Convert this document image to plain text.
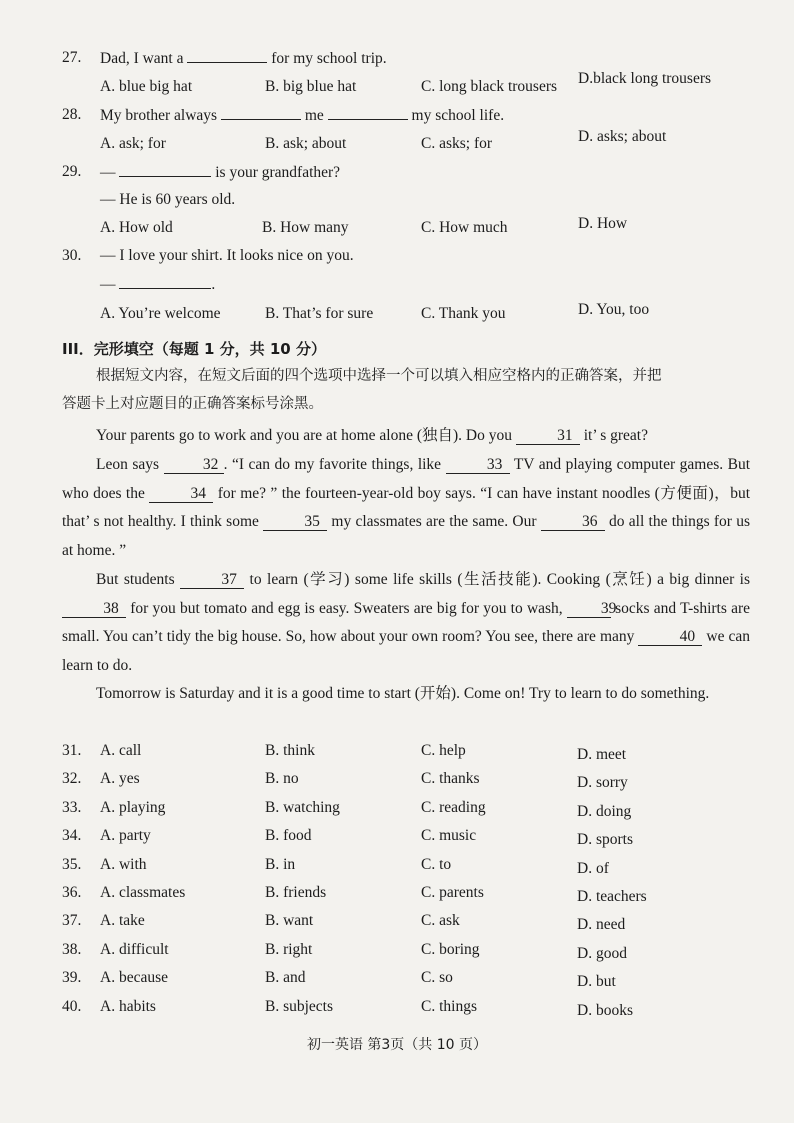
27. Dad, I want a	for my school trip.
A. blue big hat	B. big blue hat	C. long black trousers D.black long trousers
28. My brother always	me	my school life.
A. ask; for	B. ask; about	C. asks; for	D. asks; about
29. —	is your grandfather?
— He is 60 years old.
A. How old	B. How many	C. How much	D. How
30. — I love your shirt. It looks nice on you.
—	.
A. You’re welcome	B. That’s for sure	C. Thank you	D. You, too
III．完形填空（每题 1 分，共 10 分）
根据短文内容，在短文后面的四个选项中选择一个可以填入相应空格内的正确答案，并把
答题卡上对应题目的正确答案标号涂黑。
Your parents go to work and you are at home alone (独自). Do you	31 it’ s great?
Leon says	32 . “I can do my favorite things, like	33 TV and playing computer games. But who does the	34 for me? ” the fourteen-year-old boy says. “I can have instant noodles (方便面)，but that’ s not healthy. I think some	35 my classmates are the same. Our	36 do all the things for us at home. ”
But students	37 to learn (学习) some life skills (生活技能). Cooking (烹饪) a big dinner is 38 for you but tomato and egg is easy. Sweaters are big for you to wash, 39 socks and T-shirts are small. You can’t tidy the big house. So, how about your own room? You see, there are many	40 we can learn to do.
Tomorrow is Saturday and it is a good time to start (开始). Come on! Try to learn to do something.
31. A. call	B. think	C. help	D. meet
32. A. yes	B. no	C. thanks	D. sorry
33. A. playing	B. watching	C. reading	D. doing
34. A. party	B. food	C. music	D. sports
35. A. with	B. in	C. to	D. of
36. A. classmates	B. friends	C. parents	D. teachers
37. A. take	B. want	C. ask	D. need
38. A. difficult	B. right	C. boring	D. good
39. A. because	B. and	C. so	D. but
40. A. habits	B. subjects	C. things	D. books
初一英语 第3页（共 10 页）
